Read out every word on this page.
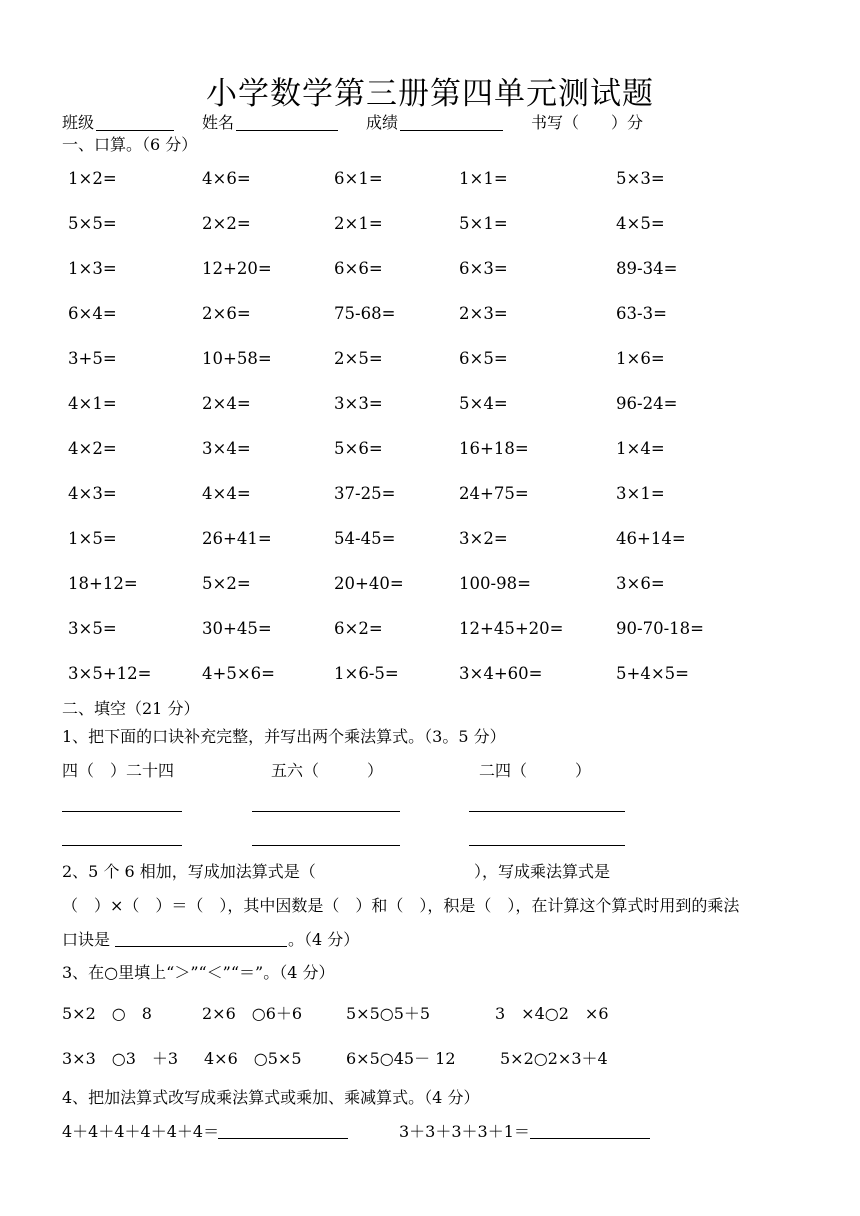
小学数学第三册第四单元测试题
班级	姓名	成绩	书写（　　）分
一、口算。（6 分）
1×2=	4×6=	6×1=	1×1=	5×3=
5×5=	2×2=	2×1=	5×1=	4×5=
1×3=	12+20=	6×6=	6×3=	89-34=
6×4=	2×6=	75-68=	2×3=	63-3=
3+5=	10+58=	2×5=	6×5=	1×6=
4×1=	2×4=	3×3=	5×4=	96-24=
4×2=	3×4=	5×6=	16+18=	1×4=
4×3=	4×4=	37-25=	24+75=	3×1=
1×5=	26+41=	54-45=	3×2=	46+14=
18+12=	5×2=	20+40=	100-98=	3×6=
3×5=	30+45=	6×2=	12+45+20=	90-70-18=
3×5+12=	4+5×6=	1×6-5=	3×4+60=	5+4×5=
二、填空（21 分）
1、把下面的口诀补充完整，并写出两个乘法算式。（3。5 分）
四（　）二十四	五六（　　　）	二四（　　　）
2、5 个 6 相加，写成加法算式是（	），写成乘法算式是
（　）×（　）＝（　），其中因数是（　）和（　），积是（　），在计算这个算式时用到的乘法
口诀是	。（4 分）
3、在○里填上“＞”“＜”“＝”。（4 分）
5×2　○　8	2×6　○6＋6	5×5○5＋5	3　×4○2　×6
3×3　○3　＋3 4×6　○5×5	6×5○45－ 12	5×2○2×3＋4
4、把加法算式改写成乘法算式或乘加、乘减算式。（4 分）
4＋4＋4＋4＋4＋4＝	3＋3＋3＋3＋1＝
